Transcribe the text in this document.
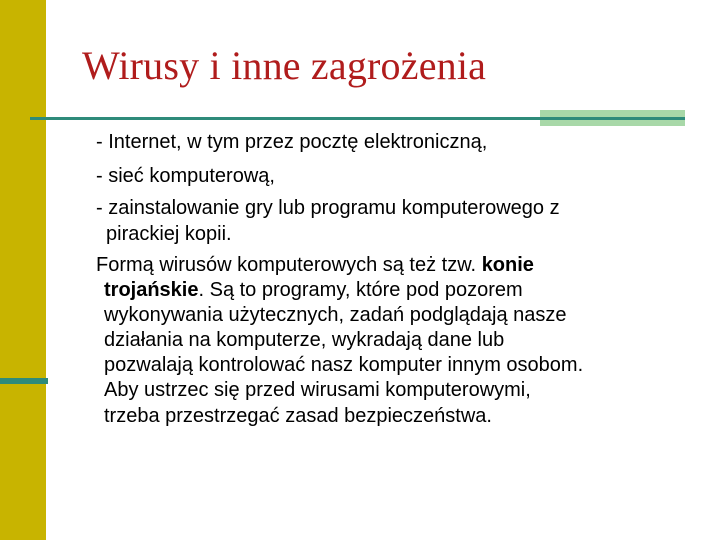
Wirusy i inne zagrożenia
- Internet, w tym przez pocztę elektroniczną,
- sieć komputerową,
- zainstalowanie gry lub programu komputerowego z
pirackiej kopii.
Formą wirusów komputerowych są też tzw. konie
trojańskie. Są to programy, które pod pozorem
wykonywania użytecznych, zadań podglądają nasze
działania na komputerze, wykradają dane lub
pozwalają kontrolować nasz komputer innym osobom.
Aby ustrzec się przed wirusami komputerowymi,
trzeba przestrzegać zasad bezpieczeństwa.
